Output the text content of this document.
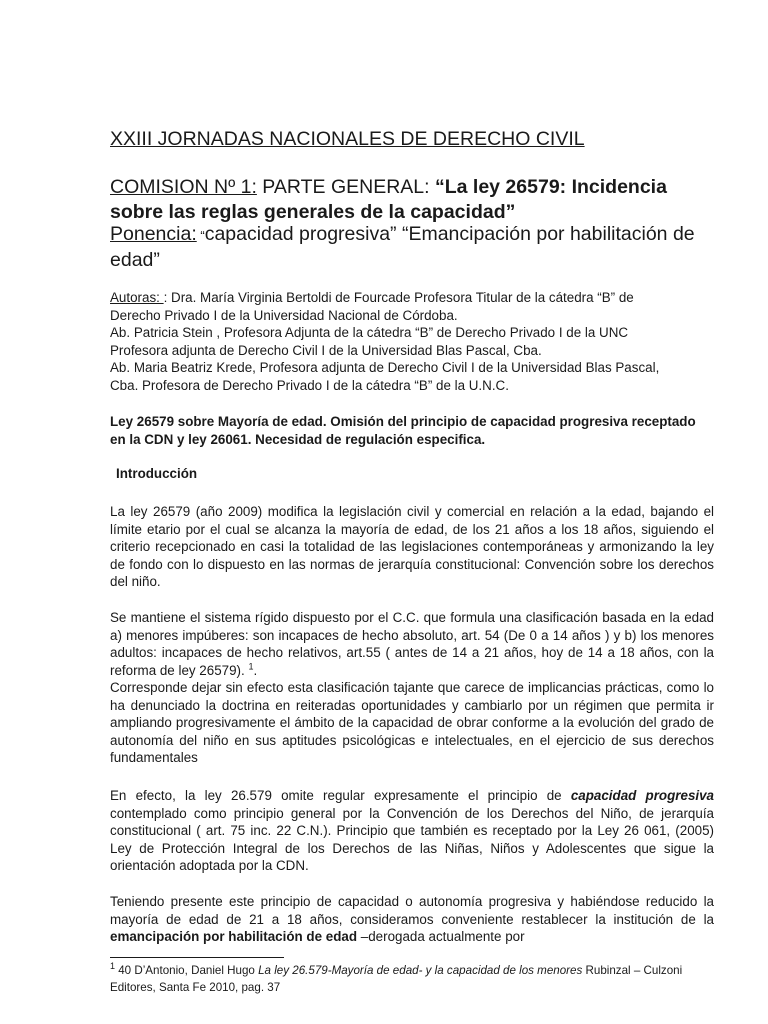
XXIII JORNADAS NACIONALES DE DERECHO CIVIL
COMISION Nº 1: PARTE GENERAL: “La ley 26579: Incidencia
sobre las reglas generales de la capacidad”
Ponencia: “capacidad progresiva” “Emancipación por habilitación de edad”
Autoras: : Dra. María Virginia Bertoldi de Fourcade Profesora Titular de la cátedra “B” de
Derecho Privado I de la Universidad Nacional de Córdoba.
Ab. Patricia Stein , Profesora Adjunta de la cátedra “B” de Derecho Privado I de la UNC
Profesora adjunta de Derecho Civil I de la Universidad Blas Pascal, Cba.
Ab. Maria Beatriz Krede, Profesora adjunta de Derecho Civil I de la Universidad Blas Pascal,
Cba. Profesora de Derecho Privado I de la cátedra “B” de la U.N.C.
Ley 26579 sobre Mayoría de edad. Omisión del principio de capacidad progresiva receptado en la CDN y ley 26061. Necesidad de regulación especifica.
Introducción
La ley 26579 (año 2009) modifica la legislación civil y comercial en relación a la edad, bajando el límite etario por el cual se alcanza la mayoría de edad, de los 21 años a los 18 años, siguiendo el criterio recepcionado en casi la totalidad de las legislaciones contemporáneas y armonizando la ley de fondo con lo dispuesto en las normas de jerarquía constitucional: Convención sobre los derechos del niño.
Se mantiene el sistema rígido dispuesto por el C.C. que formula una clasificación basada en la edad a) menores impúberes: son incapaces de hecho absoluto, art. 54 (De 0 a 14 años ) y b) los menores adultos: incapaces de hecho relativos, art.55 ( antes de 14 a 21 años, hoy de 14 a 18 años, con la reforma de ley 26579). $^1$.
Corresponde dejar sin efecto esta clasificación tajante que carece de implicancias prácticas, como lo ha denunciado la doctrina en reiteradas oportunidades y cambiarlo por un régimen que permita ir ampliando progresivamente el ámbito de la capacidad de obrar conforme a la evolución del grado de autonomía del niño en sus aptitudes psicológicas e intelectuales, en el ejercicio de sus derechos fundamentales
En efecto, la ley 26.579 omite regular expresamente el principio de capacidad progresiva contemplado como principio general por la Convención de los Derechos del Niño, de jerarquía constitucional ( art. 75 inc. 22 C.N.). Principio que también es receptado por la Ley 26 061, (2005) Ley de Protección Integral de los Derechos de las Niñas, Niños y Adolescentes que sigue la orientación adoptada por la CDN.
Teniendo presente este principio de capacidad o autonomía progresiva y habiéndose reducido la mayoría de edad de 21 a 18 años, consideramos conveniente restablecer la institución de la emancipación por habilitación de edad –derogada actualmente por
$^1$ 40 D’Antonio, Daniel Hugo La ley 26.579-Mayoría de edad- y la capacidad de los menores Rubinzal – Culzoni Editores, Santa Fe 2010, pag. 37
